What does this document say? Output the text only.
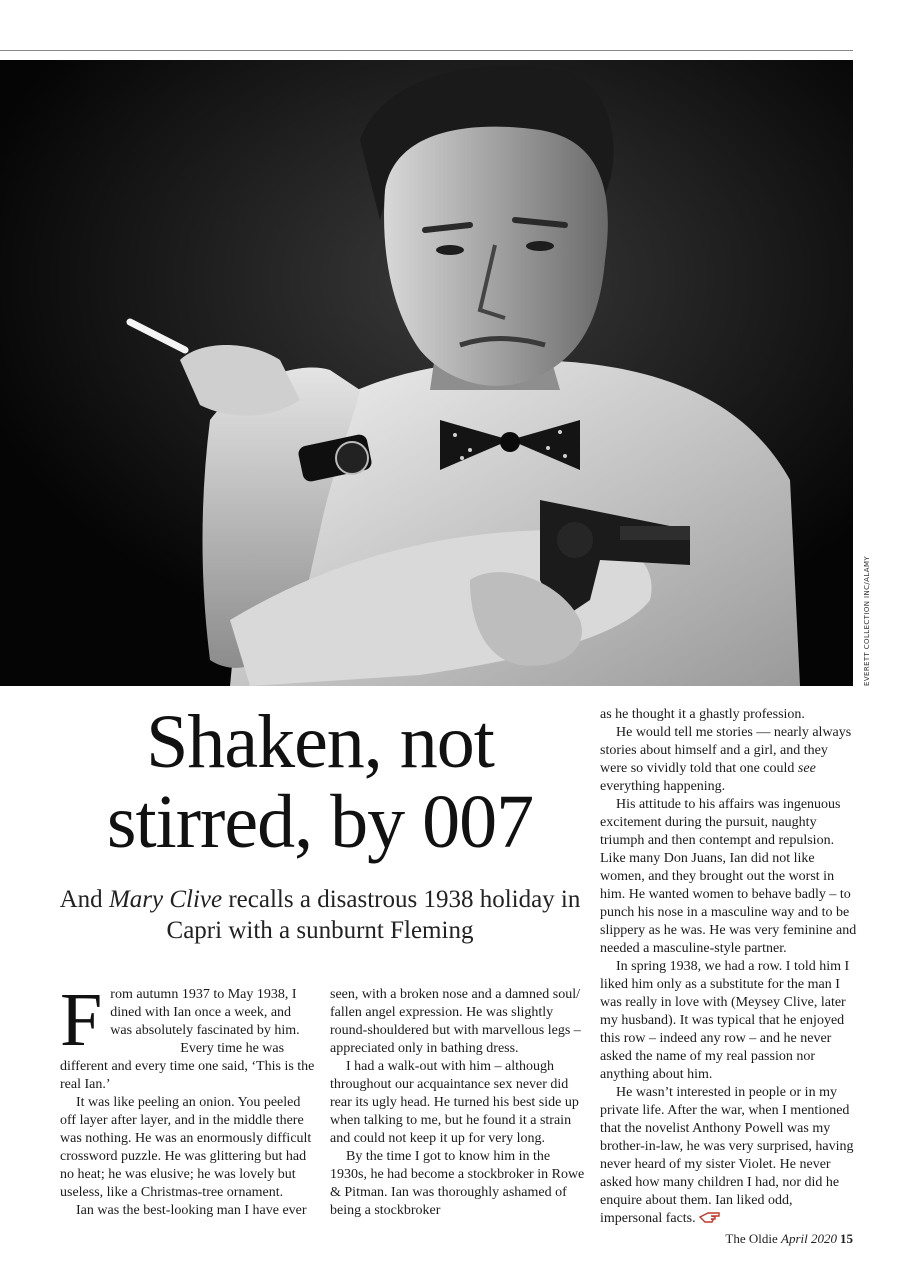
EVERETT COLLECTION INC/ALAMY
Shaken, not
stirred, by 007

And Mary Clive recalls a disastrous 1938 holiday in Capri with a sunburnt Fleming

From autumn 1937 to May 1938, I dined with Ian once a week, and was absolutely fascinated by him.

Every time he was different and every time one said, ‘This is the real Ian.’

It was like peeling an onion. You peeled off layer after layer, and in the middle there was nothing. He was an enormously difficult crossword puzzle. He was glittering but had no heat; he was elusive; he was lovely but useless, like a Christmas-tree ornament.

Ian was the best-looking man I have ever

seen, with a broken nose and a damned soul/ fallen angel expression. He was slightly round-shouldered but with marvellous legs – appreciated only in bathing dress.

I had a walk-out with him – although throughout our acquaintance sex never did rear its ugly head. He turned his best side up when talking to me, but he found it a strain and could not keep it up for very long.

By the time I got to know him in the 1930s, he had become a stockbroker in Rowe & Pitman. Ian was thoroughly ashamed of being a stockbroker

as he thought it a ghastly profession.

He would tell me stories — nearly always stories about himself and a girl, and they were so vividly told that one could see everything happening.

His attitude to his affairs was ingenuous excitement during the pursuit, naughty triumph and then contempt and repulsion. Like many Don Juans, Ian did not like women, and they brought out the worst in him. He wanted women to behave badly – to punch his nose in a masculine way and to be slippery as he was. He was very feminine and needed a masculine-style partner.

In spring 1938, we had a row. I told him I liked him only as a substitute for the man I was really in love with (Meysey Clive, later my husband). It was typical that he enjoyed this row – indeed any row – and he never asked the name of my real passion nor anything about him.

He wasn’t interested in people or in my private life. After the war, when I mentioned that the novelist Anthony Powell was my brother-in-law, he was very surprised, having never heard of my sister Violet. He never asked how many children I had, nor did he enquire about them. Ian liked odd, impersonal facts.

The Oldie April 2020 15
